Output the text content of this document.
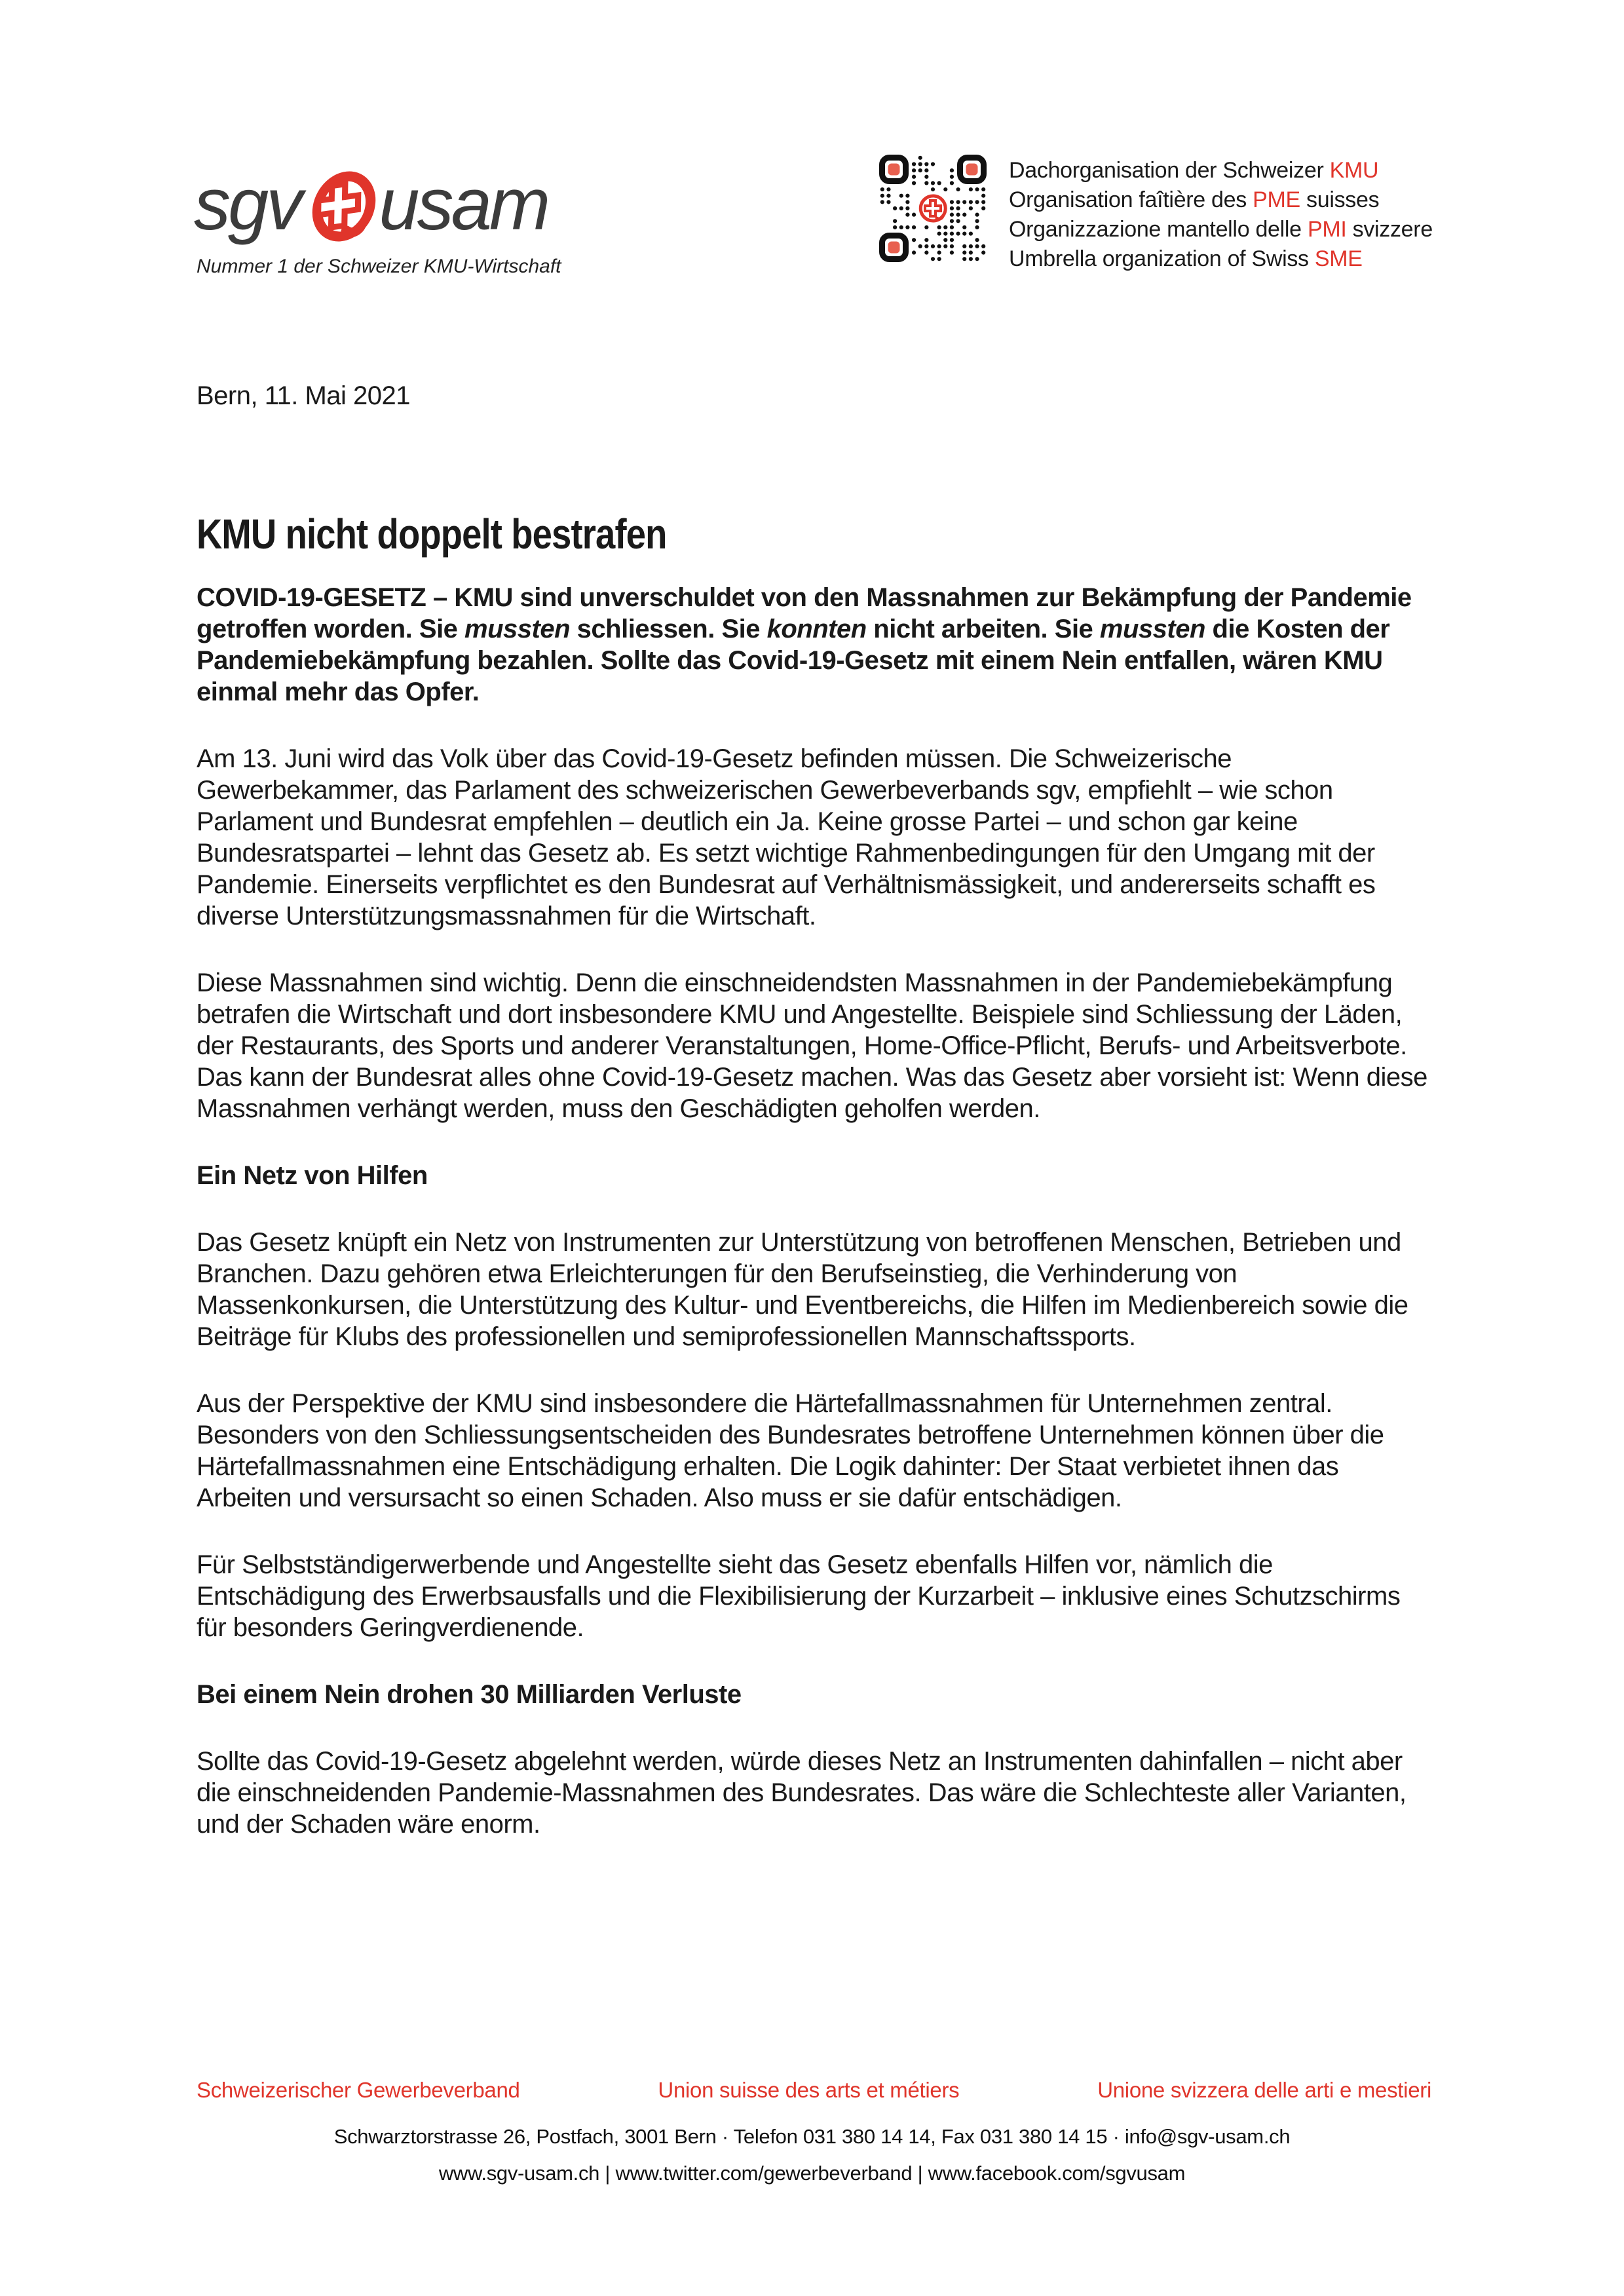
sgv usam
Nummer 1 der Schweizer KMU-Wirtschaft
Dachorganisation der Schweizer KMU
Organisation faîtière des PME suisses
Organizzazione mantello delle PMI svizzere
Umbrella organization of Swiss SME
Bern, 11. Mai 2021
KMU nicht doppelt bestrafen

COVID-19-GESETZ – KMU sind unverschuldet von den Massnahmen zur Bekämpfung der Pandemie getroffen worden. Sie mussten schliessen. Sie konnten nicht arbeiten. Sie mussten die Kosten der Pandemiebekämpfung bezahlen. Sollte das Covid-19-Gesetz mit einem Nein entfallen, wären KMU einmal mehr das Opfer.

Am 13. Juni wird das Volk über das Covid-19-Gesetz befinden müssen. Die Schweizerische Gewerbekammer, das Parlament des schweizerischen Gewerbeverbands sgv, empfiehlt – wie schon Parlament und Bundesrat empfehlen – deutlich ein Ja. Keine grosse Partei – und schon gar keine Bundesratspartei – lehnt das Gesetz ab. Es setzt wichtige Rahmenbedingungen für den Umgang mit der Pandemie. Einerseits verpflichtet es den Bundesrat auf Verhältnismässigkeit, und andererseits schafft es diverse Unterstützungsmassnahmen für die Wirtschaft.

Diese Massnahmen sind wichtig. Denn die einschneidendsten Massnahmen in der Pandemiebekämpfung betrafen die Wirtschaft und dort insbesondere KMU und Angestellte. Beispiele sind Schliessung der Läden, der Restaurants, des Sports und anderer Veranstaltungen, Home-Office-Pflicht, Berufs- und Arbeitsverbote. Das kann der Bundesrat alles ohne Covid-19-Gesetz machen. Was das Gesetz aber vorsieht ist: Wenn diese Massnahmen verhängt werden, muss den Geschädigten geholfen werden.

Ein Netz von Hilfen

Das Gesetz knüpft ein Netz von Instrumenten zur Unterstützung von betroffenen Menschen, Betrieben und Branchen. Dazu gehören etwa Erleichterungen für den Berufseinstieg, die Verhinderung von Massenkonkursen, die Unterstützung des Kultur- und Eventbereichs, die Hilfen im Medienbereich sowie die Beiträge für Klubs des professionellen und semiprofessionellen Mannschaftssports.

Aus der Perspektive der KMU sind insbesondere die Härtefallmassnahmen für Unternehmen zentral. Besonders von den Schliessungsentscheiden des Bundesrates betroffene Unternehmen können über die Härtefallmassnahmen eine Entschädigung erhalten. Die Logik dahinter: Der Staat verbietet ihnen das Arbeiten und versursacht so einen Schaden. Also muss er sie dafür entschädigen.

Für Selbstständigerwerbende und Angestellte sieht das Gesetz ebenfalls Hilfen vor, nämlich die Entschädigung des Erwerbsausfalls und die Flexibilisierung der Kurzarbeit – inklusive eines Schutzschirms für besonders Geringverdienende.

Bei einem Nein drohen 30 Milliarden Verluste

Sollte das Covid-19-Gesetz abgelehnt werden, würde dieses Netz an Instrumenten dahinfallen – nicht aber die einschneidenden Pandemie-Massnahmen des Bundesrates. Das wäre die Schlechteste aller Varianten, und der Schaden wäre enorm.

Schweizerischer Gewerbeverband	Union suisse des arts et métiers	Unione svizzera delle arti e mestieri
Schwarztorstrasse 26, Postfach, 3001 Bern · Telefon 031 380 14 14, Fax 031 380 14 15 · info@sgv-usam.ch
www.sgv-usam.ch | www.twitter.com/gewerbeverband | www.facebook.com/sgvusam
